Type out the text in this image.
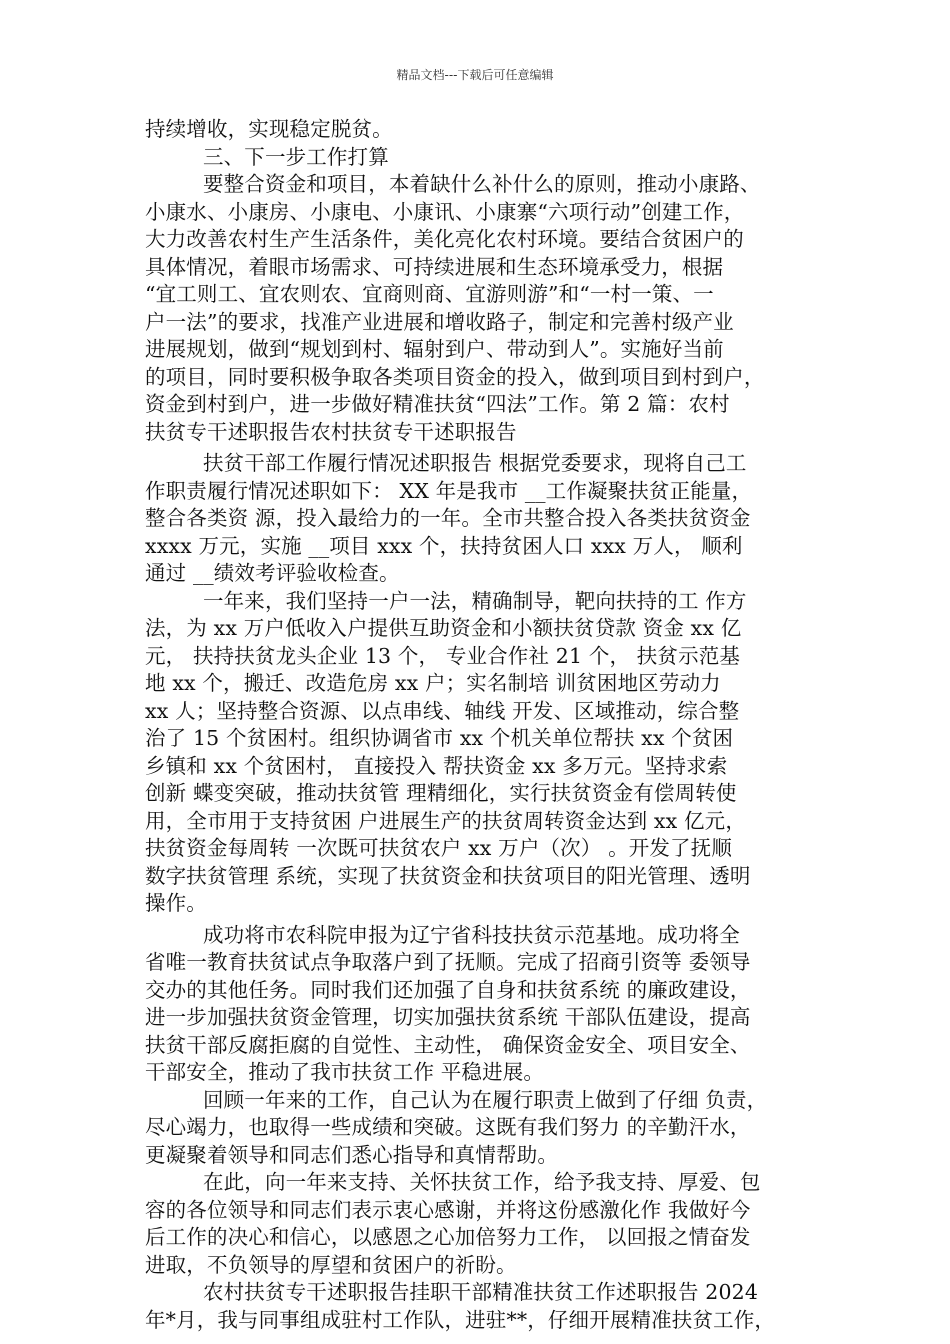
精品文档---下载后可任意编辑
持续增收，实现稳定脱贫。
三、下一步工作打算
要整合资金和项目，本着缺什么补什么的原则，推动小康路、
小康水、小康房、小康电、小康讯、小康寨“六项行动”创建工作，
大力改善农村生产生活条件，美化亮化农村环境。要结合贫困户的
具体情况，着眼市场需求、可持续进展和生态环境承受力，根据
“宜工则工、宜农则农、宜商则商、宜游则游”和“一村一策、一
户一法”的要求，找准产业进展和增收路子，制定和完善村级产业
进展规划，做到“规划到村、辐射到户、带动到人”。实施好当前
的项目，同时要积极争取各类项目资金的投入，做到项目到村到户，
资金到村到户，进一步做好精准扶贫“四法”工作。第 2 篇：农村
扶贫专干述职报告农村扶贫专干述职报告
扶贫干部工作履行情况述职报告 根据党委要求，现将自己工
作职责履行情况述职如下： XX 年是我市 __工作凝聚扶贫正能量，
整合各类资 源，投入最给力的一年。全市共整合投入各类扶贫资金
xxxx 万元，实施 __项目 xxx 个，扶持贫困人口 xxx 万人， 顺利
通过 __绩效考评验收检查。
一年来，我们坚持一户一法，精确制导，靶向扶持的工 作方
法，为 xx 万户低收入户提供互助资金和小额扶贫贷款 资金 xx 亿
元， 扶持扶贫龙头企业 13 个， 专业合作社 21 个， 扶贫示范基
地 xx 个，搬迁、改造危房 xx 户；实名制培 训贫困地区劳动力
xx 人；坚持整合资源、以点串线、轴线 开发、区域推动，综合整
治了 15 个贫困村。组织协调省市 xx 个机关单位帮扶 xx 个贫困
乡镇和 xx 个贫困村， 直接投入 帮扶资金 xx 多万元。坚持求索
创新 蝶变突破，推动扶贫管 理精细化，实行扶贫资金有偿周转使
用，全市用于支持贫困 户进展生产的扶贫周转资金达到 xx 亿元，
扶贫资金每周转 一次既可扶贫农户 xx 万户（次） 。开发了抚顺
数字扶贫管理 系统，实现了扶贫资金和扶贫项目的阳光管理、透明
操作。
成功将市农科院申报为辽宁省科技扶贫示范基地。成功将全
省唯一教育扶贫试点争取落户到了抚顺。完成了招商引资等 委领导
交办的其他任务。同时我们还加强了自身和扶贫系统 的廉政建设，
进一步加强扶贫资金管理，切实加强扶贫系统 干部队伍建设，提高
扶贫干部反腐拒腐的自觉性、主动性， 确保资金安全、项目安全、
干部安全，推动了我市扶贫工作 平稳进展。
回顾一年来的工作，自己认为在履行职责上做到了仔细 负责，
尽心竭力，也取得一些成绩和突破。这既有我们努力 的辛勤汗水，
更凝聚着领导和同志们悉心指导和真情帮助。
在此，向一年来支持、关怀扶贫工作，给予我支持、厚爱、包
容的各位领导和同志们表示衷心感谢，并将这份感激化作 我做好今
后工作的决心和信心，以感恩之心加倍努力工作， 以回报之情奋发
进取，不负领导的厚望和贫困户的祈盼。
农村扶贫专干述职报告挂职干部精准扶贫工作述职报告 2024
年*月，我与同事组成驻村工作队，进驻**，仔细开展精准扶贫工作，
